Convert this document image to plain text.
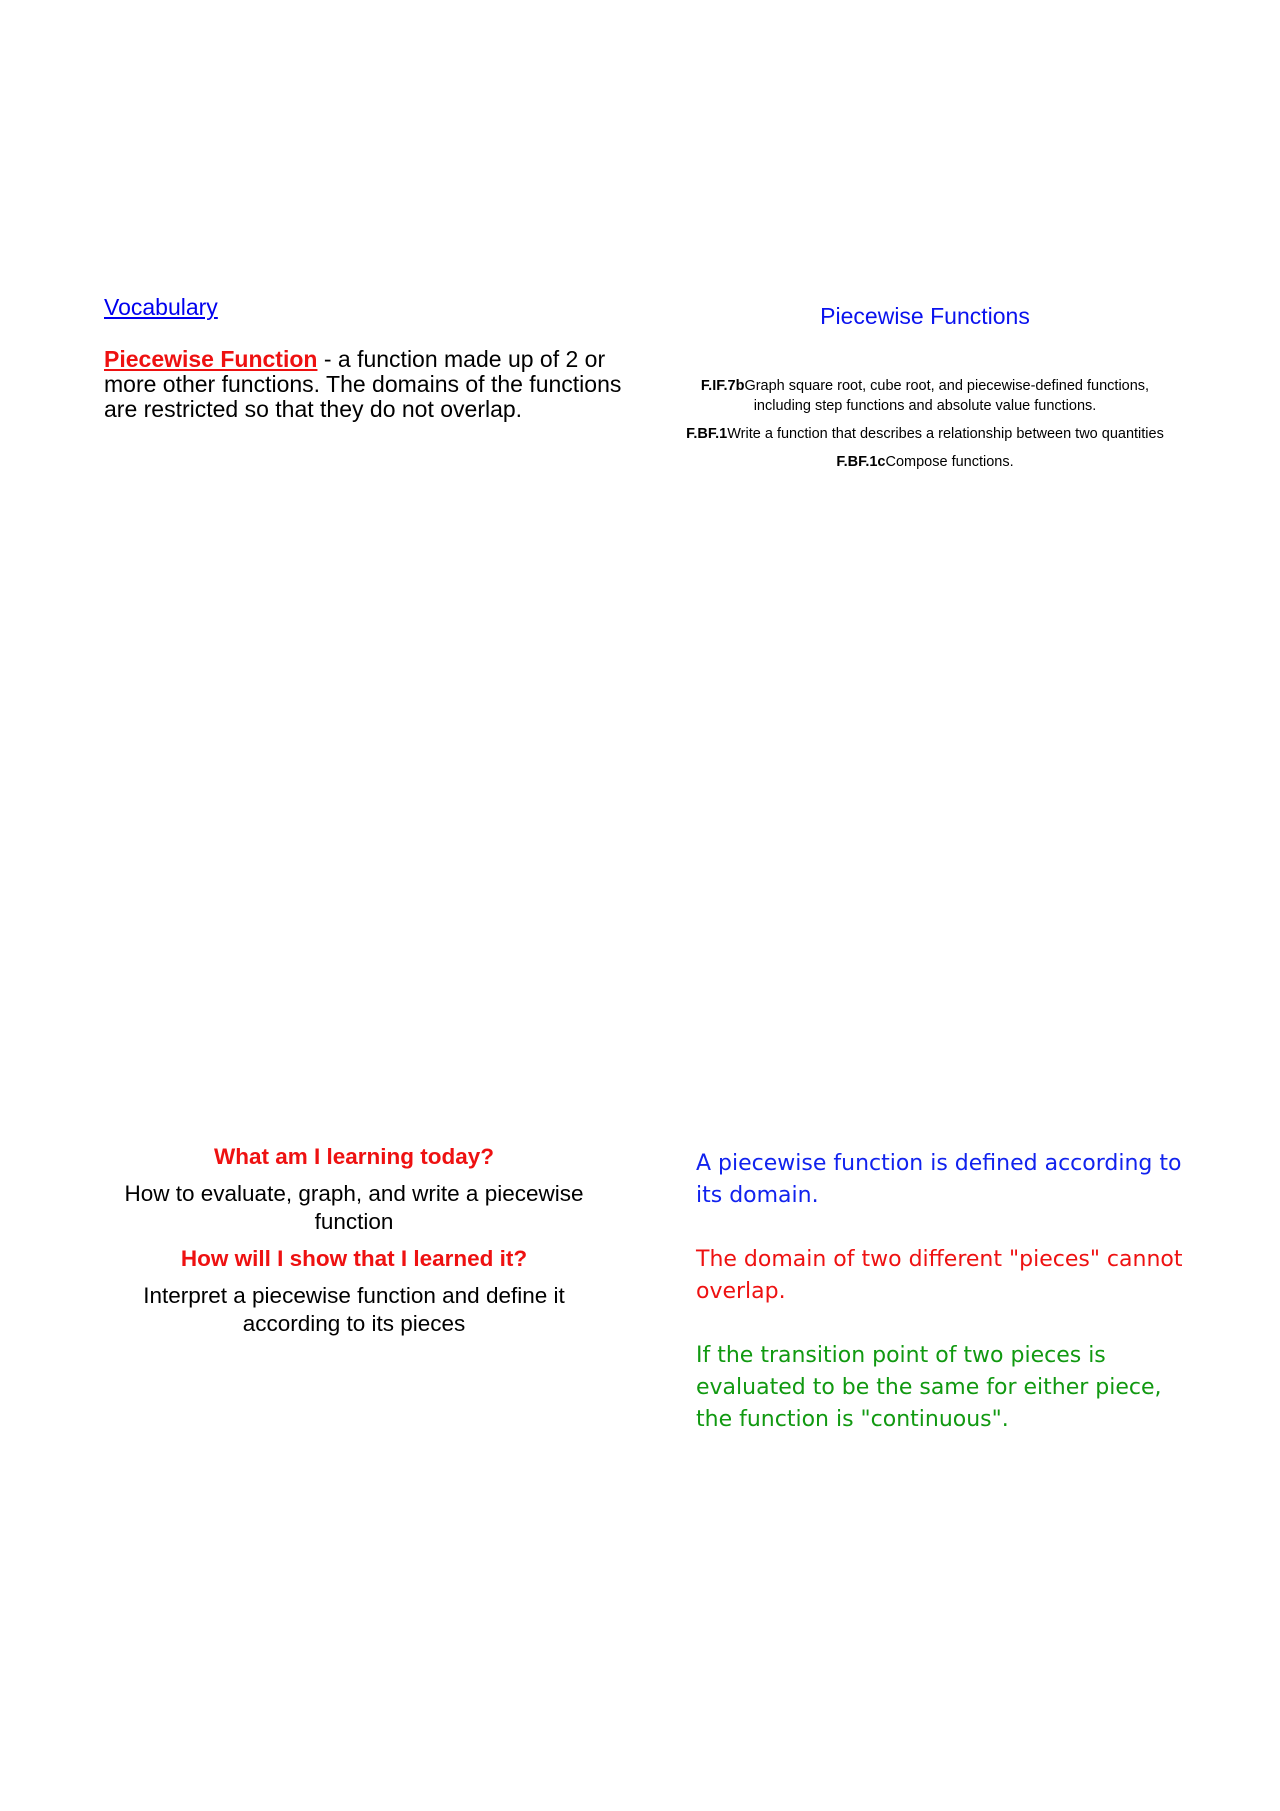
Vocabulary

Piecewise Function - a function made up of 2 or more other functions. The domains of the functions are restricted so that they do not overlap.

Piecewise Functions

F.IF.7bGraph square root, cube root, and piecewise-defined functions, including step functions and absolute value functions.

F.BF.1Write a function that describes a relationship between two quantities

F.BF.1cCompose functions.

What am I learning today?

How to evaluate, graph, and write a piecewise function

How will I show that I learned it?

Interpret a piecewise function and define it according to its pieces

A piecewise function is defined according to its domain.

The domain of two different "pieces" cannot overlap.

If the transition point of two pieces is evaluated to be the same for either piece, the function is "continuous".
